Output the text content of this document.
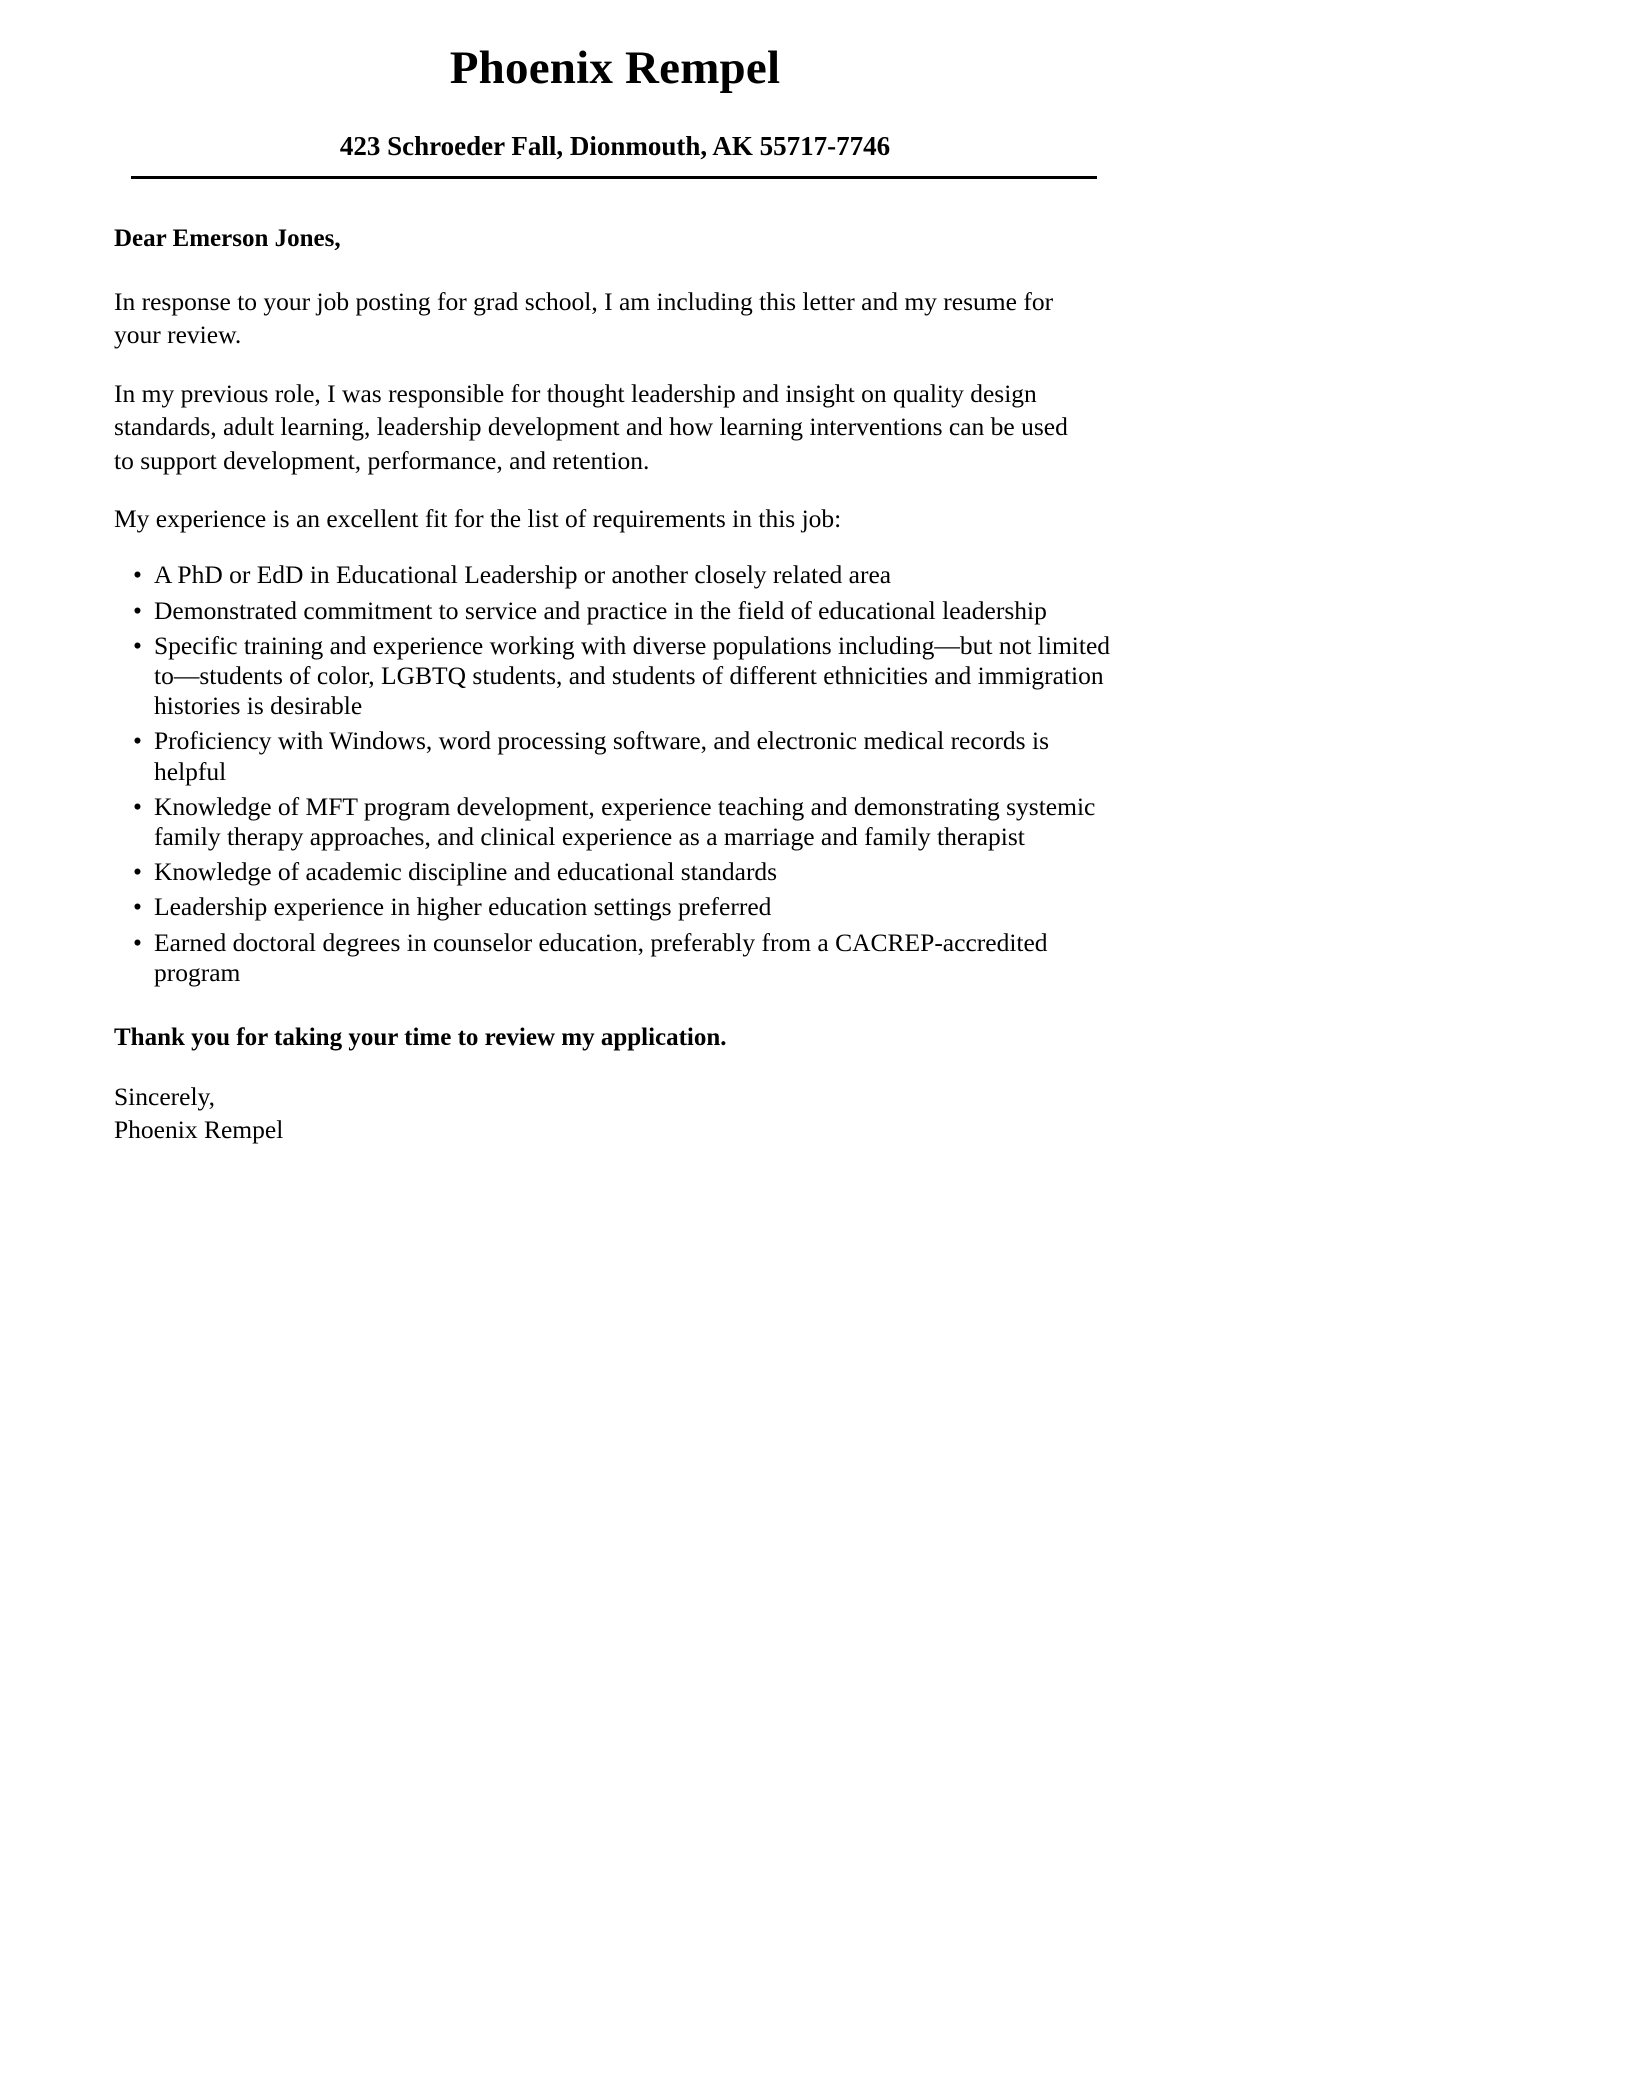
Phoenix Rempel
423 Schroeder Fall, Dionmouth, AK 55717-7746

Dear Emerson Jones,

In response to your job posting for grad school, I am including this letter and my resume for your review.

In my previous role, I was responsible for thought leadership and insight on quality design standards, adult learning, leadership development and how learning interventions can be used to support development, performance, and retention.

My experience is an excellent fit for the list of requirements in this job:

• A PhD or EdD in Educational Leadership or another closely related area
• Demonstrated commitment to service and practice in the field of educational leadership
• Specific training and experience working with diverse populations including—but not limited to—students of color, LGBTQ students, and students of different ethnicities and immigration histories is desirable
• Proficiency with Windows, word processing software, and electronic medical records is helpful
• Knowledge of MFT program development, experience teaching and demonstrating systemic family therapy approaches, and clinical experience as a marriage and family therapist
• Knowledge of academic discipline and educational standards
• Leadership experience in higher education settings preferred
• Earned doctoral degrees in counselor education, preferably from a CACREP-accredited program

Thank you for taking your time to review my application.

Sincerely,
Phoenix Rempel
